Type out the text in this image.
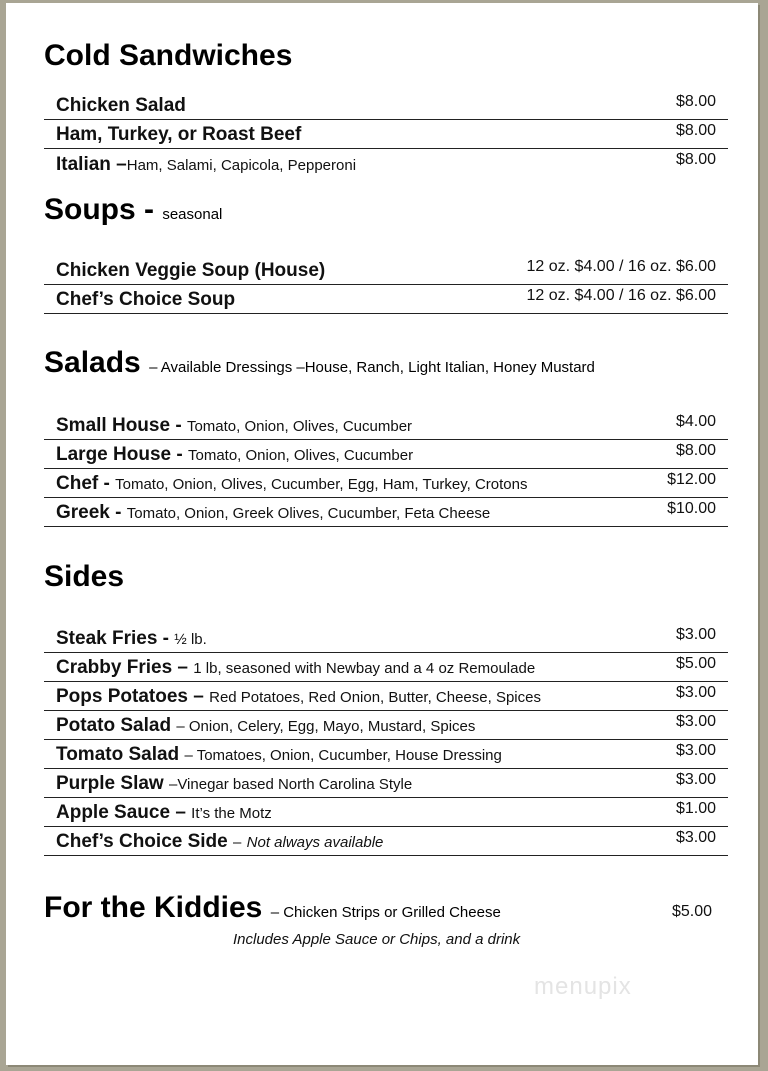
Cold Sandwiches
Chicken Salad	$8.00
Ham, Turkey, or Roast Beef	$8.00
Italian –Ham, Salami, Capicola, Pepperoni	$8.00
Soups - seasonal
Chicken Veggie Soup (House)	12 oz. $4.00 / 16 oz. $6.00
Chef’s Choice Soup	12 oz. $4.00 / 16 oz. $6.00
Salads – Available Dressings –House, Ranch, Light Italian, Honey Mustard
Small House - Tomato, Onion, Olives, Cucumber	$4.00
Large House - Tomato, Onion, Olives, Cucumber	$8.00
Chef - Tomato, Onion, Olives, Cucumber, Egg, Ham, Turkey, Crotons	$12.00
Greek - Tomato, Onion, Greek Olives, Cucumber, Feta Cheese	$10.00
Sides
Steak Fries - ½ lb.	$3.00
Crabby Fries – 1 lb, seasoned with Newbay and a 4 oz Remoulade	$5.00
Pops Potatoes – Red Potatoes, Red Onion, Butter, Cheese, Spices	$3.00
Potato Salad – Onion, Celery, Egg, Mayo, Mustard, Spices	$3.00
Tomato Salad – Tomatoes, Onion, Cucumber, House Dressing	$3.00
Purple Slaw –Vinegar based North Carolina Style	$3.00
Apple Sauce – It’s the Motz	$1.00
Chef’s Choice Side – Not always available	$3.00
For the Kiddies – Chicken Strips or Grilled Cheese	$5.00
Includes Apple Sauce or Chips, and a drink
menupix
